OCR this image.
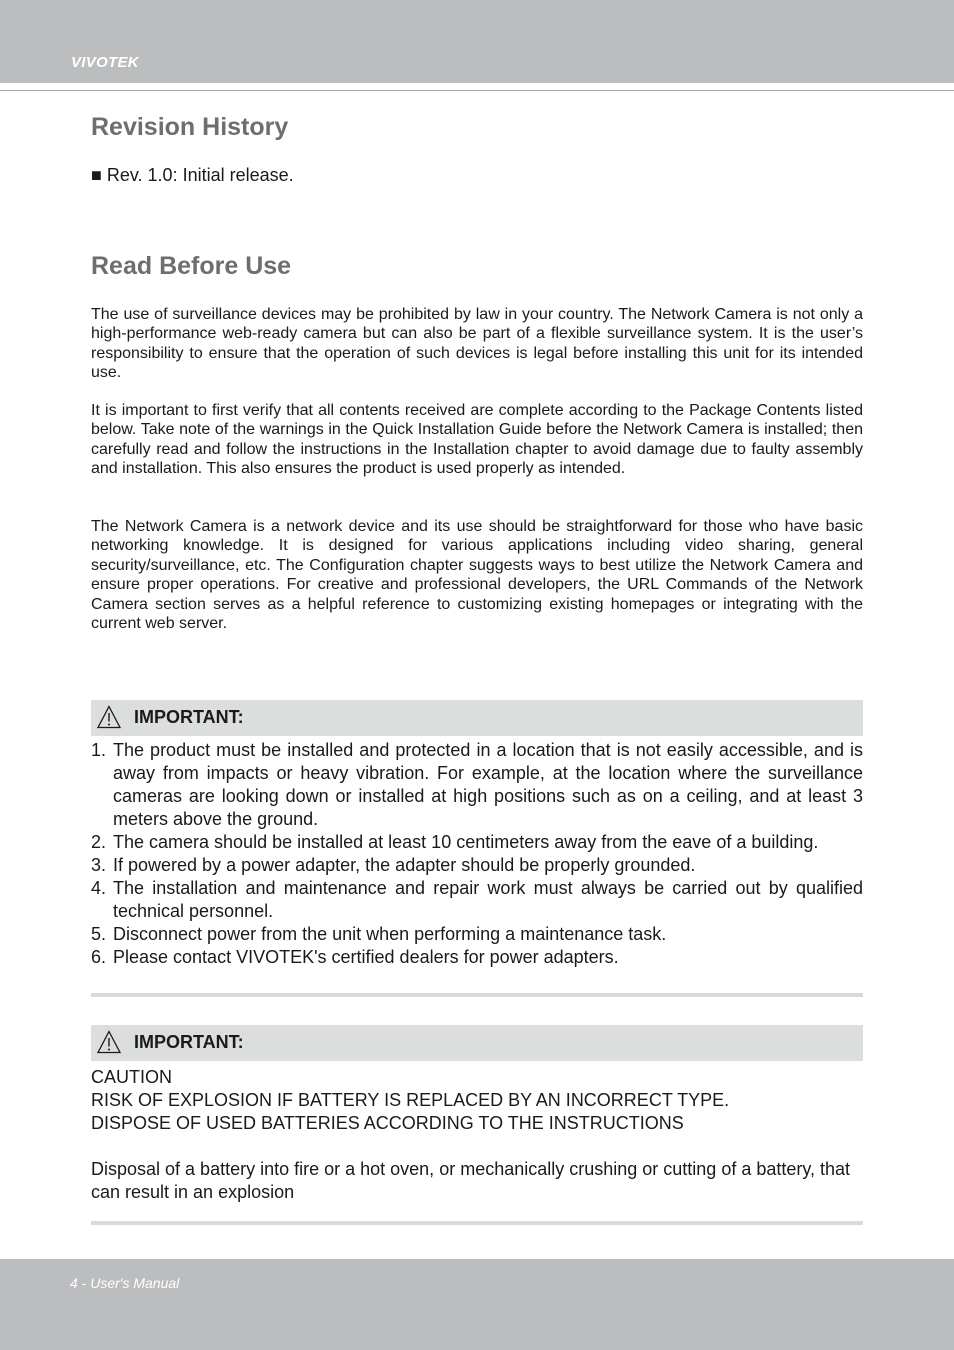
VIVOTEK
Revision History
■ Rev. 1.0: Initial release.
Read Before Use

The use of surveillance devices may be prohibited by law in your country. The Network Camera is not only a high-performance web-ready camera but can also be part of a flexible surveillance system. It is the user’s responsibility to ensure that the operation of such devices is legal before installing this unit for its intended use.

It is important to first verify that all contents received are complete according to the Package Contents listed below. Take note of the warnings in the Quick Installation Guide before the Network Camera is installed; then carefully read and follow the instructions in the Installation chapter to avoid damage due to faulty assembly and installation. This also ensures the product is used properly as intended.

The Network Camera is a network device and its use should be straightforward for those who have basic networking knowledge. It is designed for various applications including video sharing, general security/surveillance, etc. The Configuration chapter suggests ways to best utilize the Network Camera and ensure proper operations. For creative and professional developers, the URL Commands of the Network Camera section serves as a helpful reference to customizing existing homepages or integrating with the current web server.

IMPORTANT:
1. The product must be installed and protected in a location that is not easily accessible, and is away from impacts or heavy vibration. For example, at the location where the surveillance cameras are looking down or installed at high positions such as on a ceiling, and at least 3 meters above the ground.
2. The camera should be installed at least 10 centimeters away from the eave of a building.
3. If powered by a power adapter, the adapter should be properly grounded.
4. The installation and maintenance and repair work must always be carried out by qualified technical personnel.
5. Disconnect power from the unit when performing a maintenance task.
6. Please contact VIVOTEK's certified dealers for power adapters.
IMPORTANT:
CAUTION
RISK OF EXPLOSION IF BATTERY IS REPLACED BY AN INCORRECT TYPE.
DISPOSE OF USED BATTERIES ACCORDING TO THE INSTRUCTIONS

Disposal of a battery into fire or a hot oven, or mechanically crushing or cutting of a battery, that can result in an explosion

4 - User's Manual
